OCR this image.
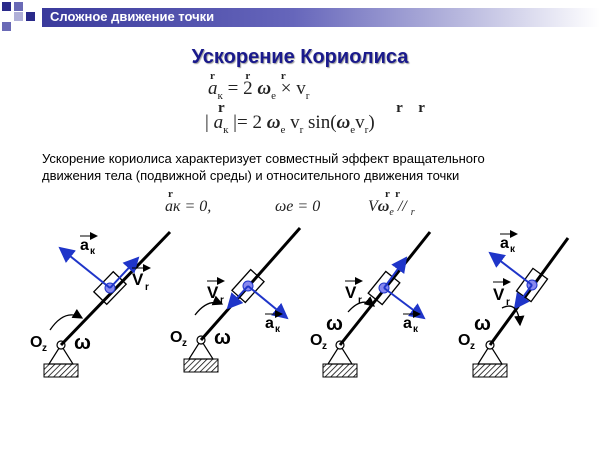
Сложное движение точки
Ускорение Кориолиса
r r r
$a_к = 2$ $\omega_e \times v_r$
r                 r r
| $a_к$ |= 2 $\omega_e$ $v_r$ $\sin(\omega_ev_r)$
Ускорение кориолиса характеризует совместный эффект вращательного
движения тела (подвижной среды) и относительного движения точки
r
aк = 0,	ωe = 0
r  r
$V\omega_e // _r$
a к
V r
O z ω
V r
a к
O z ω
V r
a к
ω
O z
a к
V r
ω
O z
